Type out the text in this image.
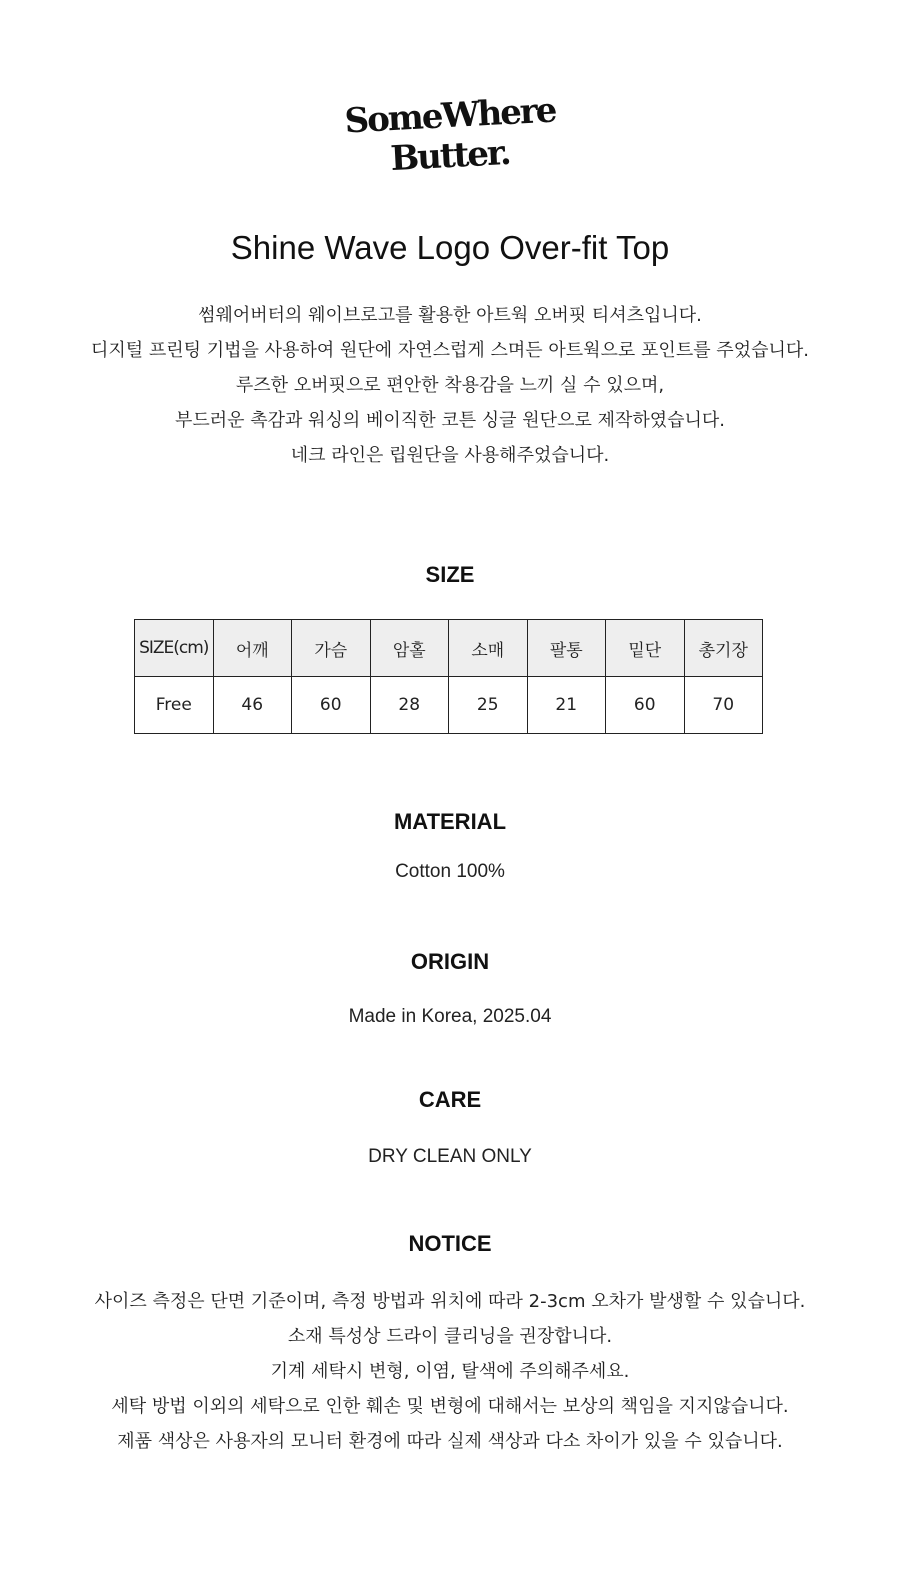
SomeWhere
Butter.
Shine Wave Logo Over-fit Top
썸웨어버터의 웨이브로고를 활용한 아트웍 오버핏 티셔츠입니다.
디지털 프린팅 기법을 사용하여 원단에 자연스럽게 스며든 아트웍으로 포인트를 주었습니다.
루즈한 오버핏으로 편안한 착용감을 느끼 실 수 있으며,
부드러운 촉감과 워싱의 베이직한 코튼 싱글 원단으로 제작하였습니다.
네크 라인은 립원단을 사용해주었습니다.
SIZE
SIZE(cm)	어깨	가슴	암홀	소매	팔통	밑단	총기장
Free	46	60	28	25	21	60	70
MATERIAL
Cotton 100%
ORIGIN
Made in Korea, 2025.04
CARE
DRY CLEAN ONLY
NOTICE
사이즈 측정은 단면 기준이며, 측정 방법과 위치에 따라 2-3cm 오차가 발생할 수 있습니다.
소재 특성상 드라이 클리닝을 권장합니다.
기계 세탁시 변형, 이염, 탈색에 주의해주세요.
세탁 방법 이외의 세탁으로 인한 훼손 및 변형에 대해서는 보상의 책임을 지지않습니다.
제품 색상은 사용자의 모니터 환경에 따라 실제 색상과 다소 차이가 있을 수 있습니다.
